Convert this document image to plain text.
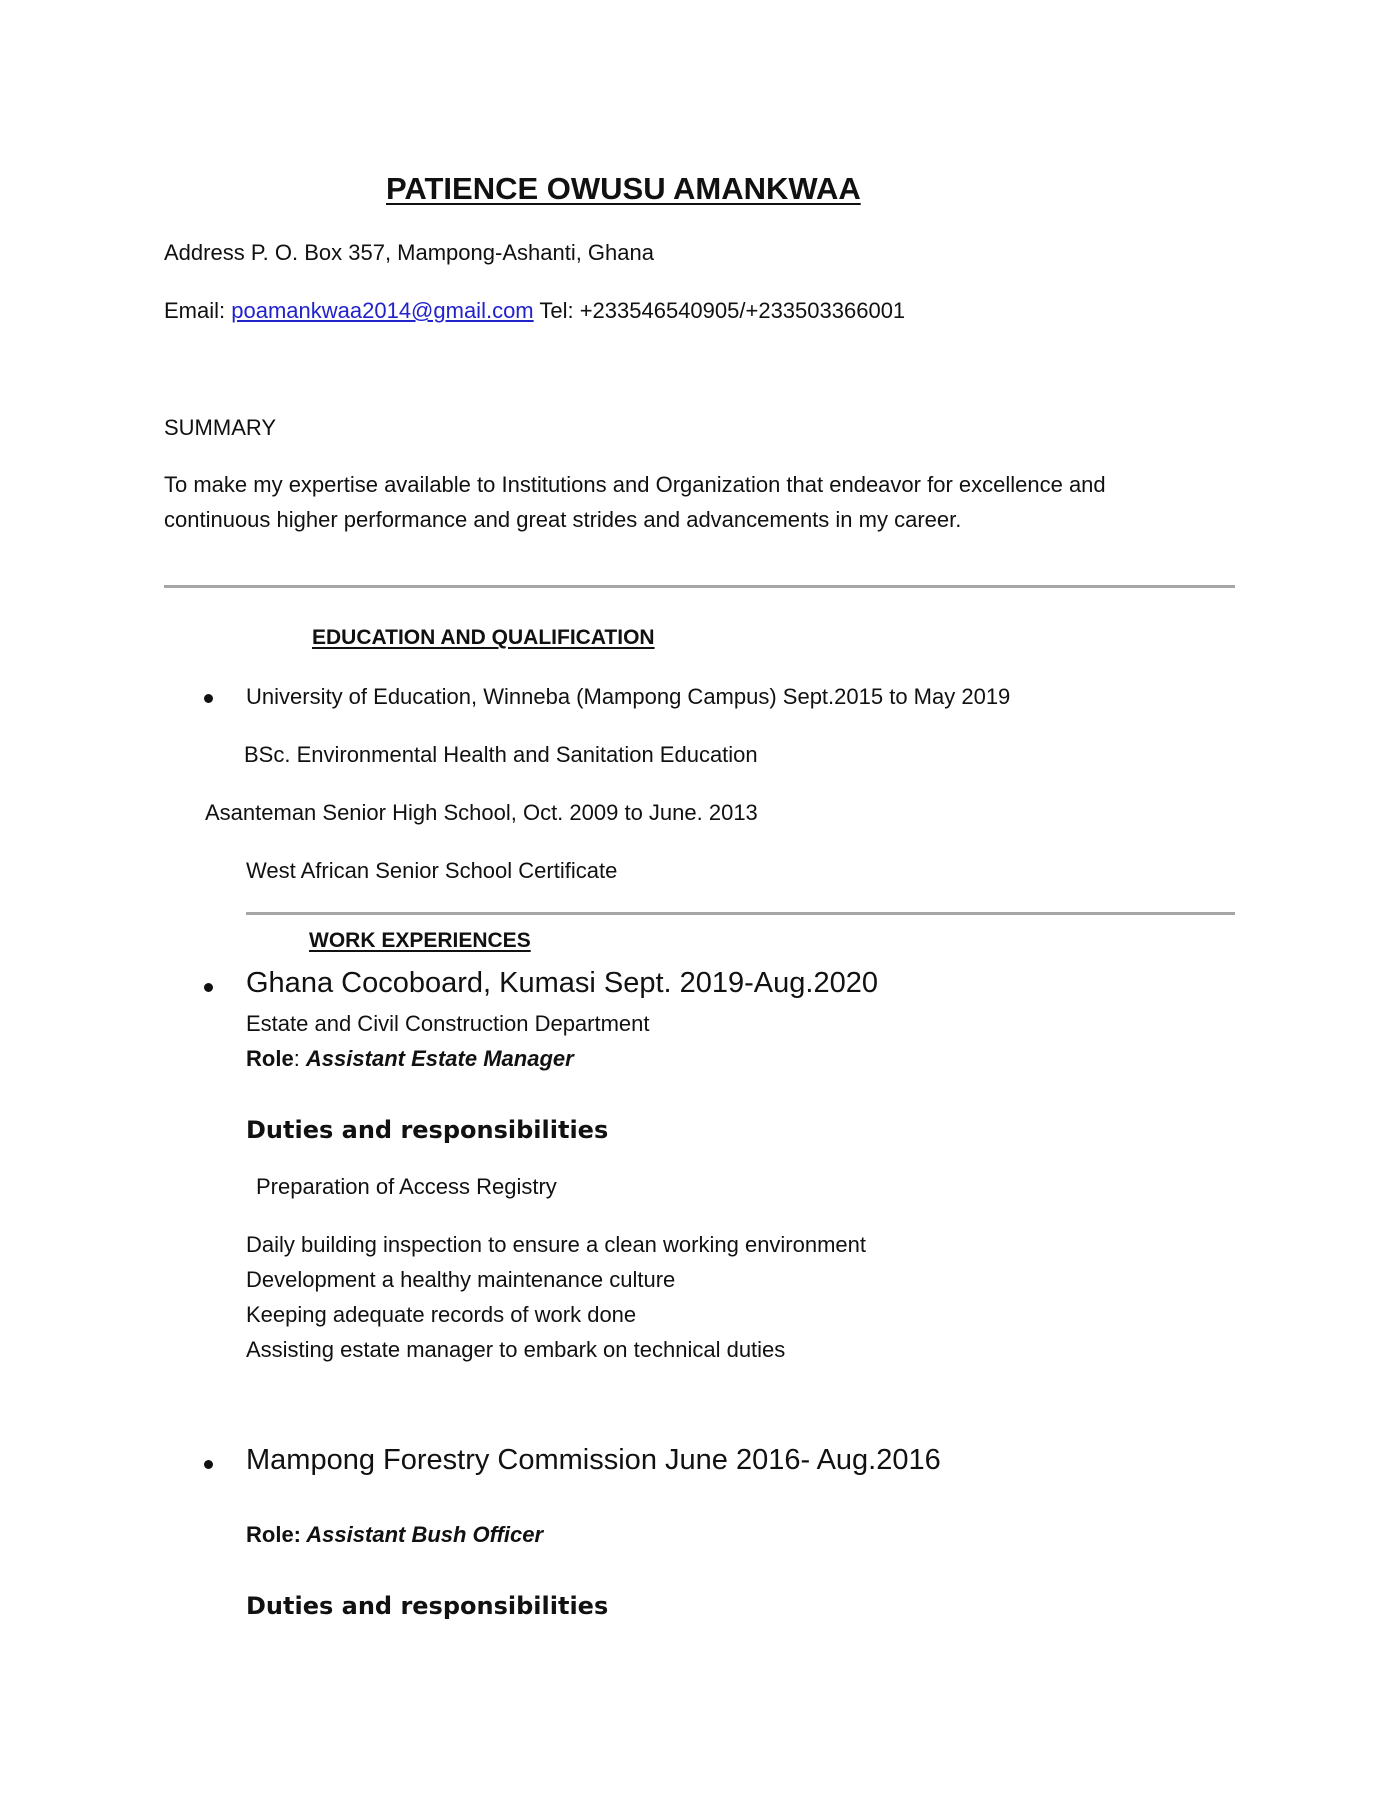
PATIENCE OWUSU AMANKWAA
Address P. O. Box 357, Mampong-Ashanti, Ghana
Email: poamankwaa2014@gmail.com Tel: +233546540905/+233503366001
SUMMARY
To make my expertise available to Institutions and Organization that endeavor for excellence and
continuous higher performance and great strides and advancements in my career.
EDUCATION AND QUALIFICATION
University of Education, Winneba (Mampong Campus) Sept.2015 to May 2019
BSc. Environmental Health and Sanitation Education
Asanteman Senior High School, Oct. 2009 to June. 2013
West African Senior School Certificate
WORK EXPERIENCES
Ghana Cocoboard, Kumasi Sept. 2019-Aug.2020
Estate and Civil Construction Department
Role: Assistant Estate Manager
Duties and responsibilities
Preparation of Access Registry
Daily building inspection to ensure a clean working environment
Development a healthy maintenance culture
Keeping adequate records of work done
Assisting estate manager to embark on technical duties
Mampong Forestry Commission June 2016- Aug.2016
Role: Assistant Bush Officer
Duties and responsibilities
